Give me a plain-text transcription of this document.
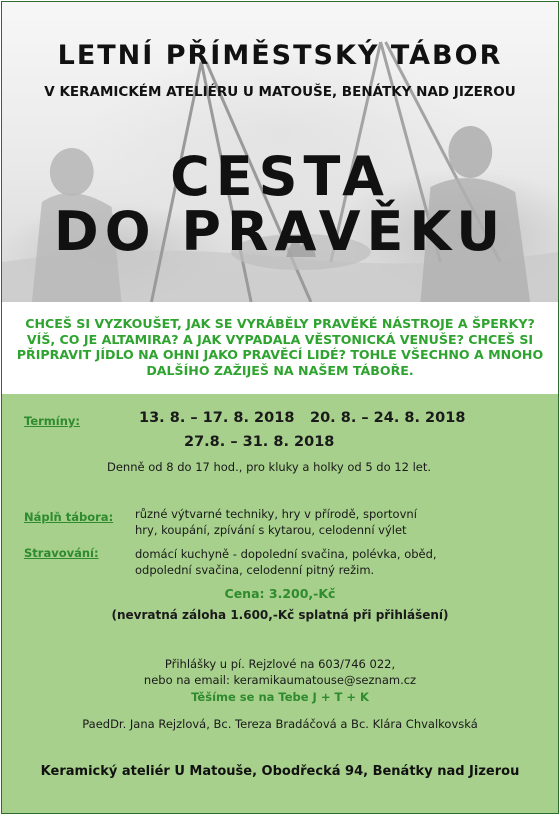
LETNÍ PŘÍMĚSTSKÝ TÁBOR
V KERAMICKÉM ATELIÉRU U MATOUŠE, BENÁTKY NAD JIZEROU
CESTA
DO PRAVĚKU

CHCEŠ SI VYZKOUŠET, JAK SE VYRÁBĚLY PRAVĚKÉ NÁSTROJE A ŠPERKY? VÍŠ, CO JE ALTAMIRA? A JAK VYPADALA VĚSTONICKÁ VENUŠE? CHCEŠ SI PŘIPRAVIT JÍDLO NA OHNI JAKO PRAVĚCÍ LIDÉ? TOHLE VŠECHNO A MNOHO DALŠÍHO ZAŽIJEŠ NA NAŠEM TÁBOŘE.

Termíny:	13. 8. – 17. 8. 2018 20. 8. – 24. 8. 2018
27.8. – 31. 8. 2018
Denně od 8 do 17 hod., pro kluky a holky od 5 do 12 let.
Náplň tábora: různé výtvarné techniky, hry v přírodě, sportovní
hry, koupání, zpívání s kytarou, celodenní výlet
Stravování:	domácí kuchyně - dopolední svačina, polévka, oběd,
odpolední svačina, celodenní pitný režim.
Cena: 3.200,-Kč
(nevratná záloha 1.600,-Kč splatná při přihlášení)
Přihlášky u pí. Rejzlové na 603/746 022,
nebo na email: keramikaumatouse@seznam.cz
Těšíme se na Tebe J + T + K
PaedDr. Jana Rejzlová, Bc. Tereza Bradáčová a Bc. Klára Chvalkovská
Keramický ateliér U Matouše, Obodřecká 94, Benátky nad Jizerou
